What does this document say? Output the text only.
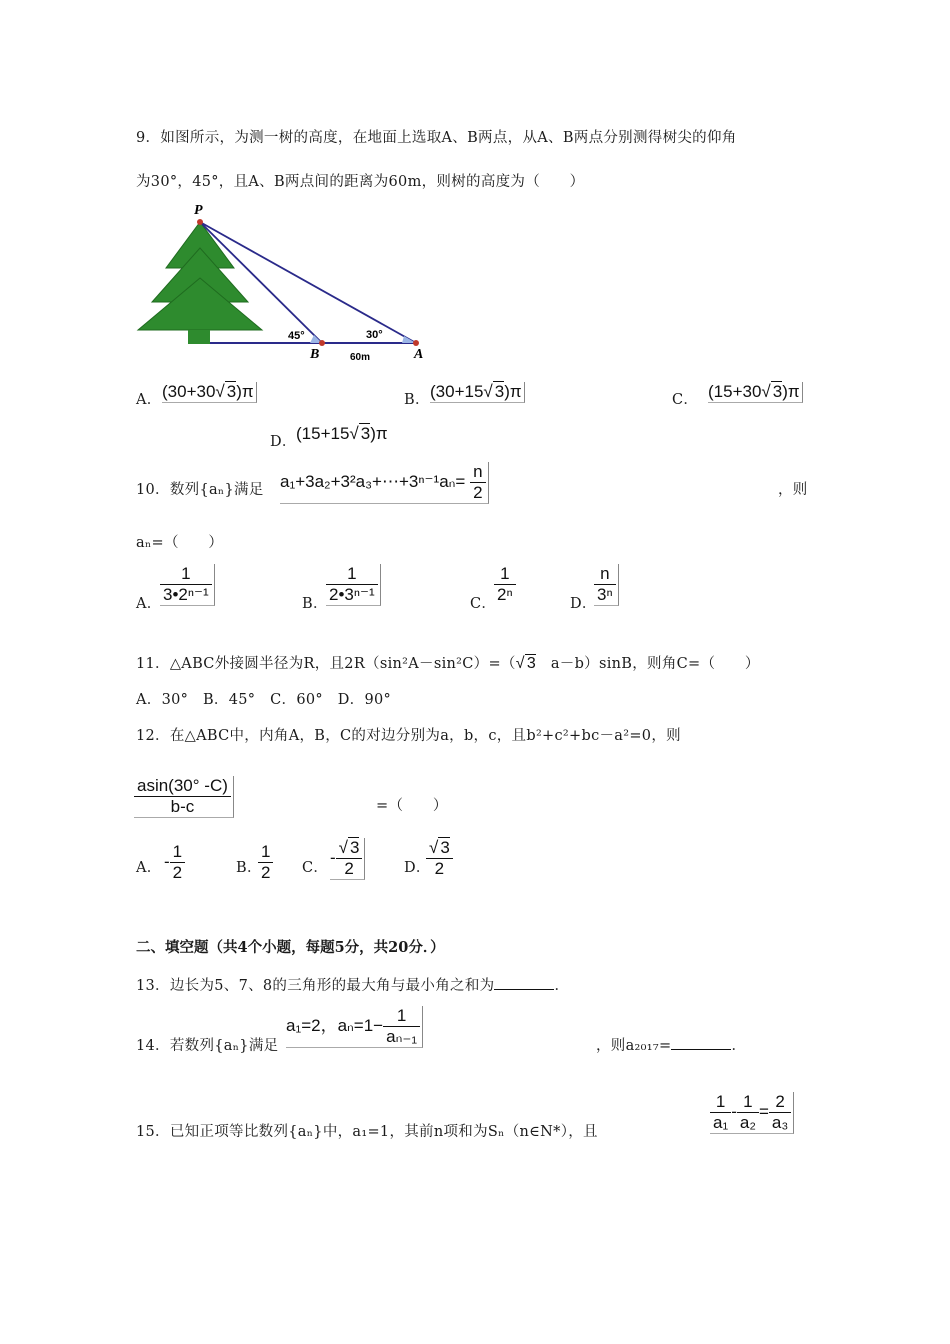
9．如图所示，为测一树的高度，在地面上选取A、B两点，从A、B两点分别测得树尖的仰角
为30°，45°，且A、B两点间的距离为60m，则树的高度为（　　）
P
B	A
45°	30°
60m
A． (30+30√ 3)π	B． (30+15√ 3)π	C． (15+30√ 3)π
D． (15+15√ 3)π
10．数列{aₙ}满足 a₁+3a₂+3²a₃+⋯+3ⁿ⁻¹aₙ= $\frac{n}{2}$	，则
aₙ=（　　）
A．
$\frac{1}{\text{3•2ⁿ⁻¹}}$	B．
$\frac{1}{\text{2•3ⁿ⁻¹}}$	C．
$\frac{1}{\text{2ⁿ}}$	D．
$\frac{n}{\text{3ⁿ}}$
11．△ABC外接圆半径为R，且2R（sin²A－sin²C）=（√ 3　a－b）sinB，则角C=（　　）
A．30°　B．45°　C．60°　D．90°
12．在△ABC中，内角A，B，C的对边分别为a，b，c，且b²+c²+bc－a²=0，则
$\frac{asin(30^\circ -C)}{b-c}$	=（　　）
A． - $\frac{1}{2}$	B．
$\frac{1}{2}$ C．
- $\frac{√ 3}{2}$	D．
$\frac{√ 3}{2}$
二、填空题（共4个小题，每题5分，共20分．）
13．边长为5、7、8的三角形的最大角与最小角之和为	．
14．若数列{aₙ}满足
a₁=2，$a_n=1- \frac{1}{\text{aₙ₋₁}}$	，则a₂₀₁₇=	．
15．已知正项等比数列{aₙ}中，a₁=1，其前n项和为Sₙ（n∈N*），且	$\frac{1}{\text{a₁}} - \frac{1}{\text{a₂}} = \frac{2}{\text{a₃}}$
